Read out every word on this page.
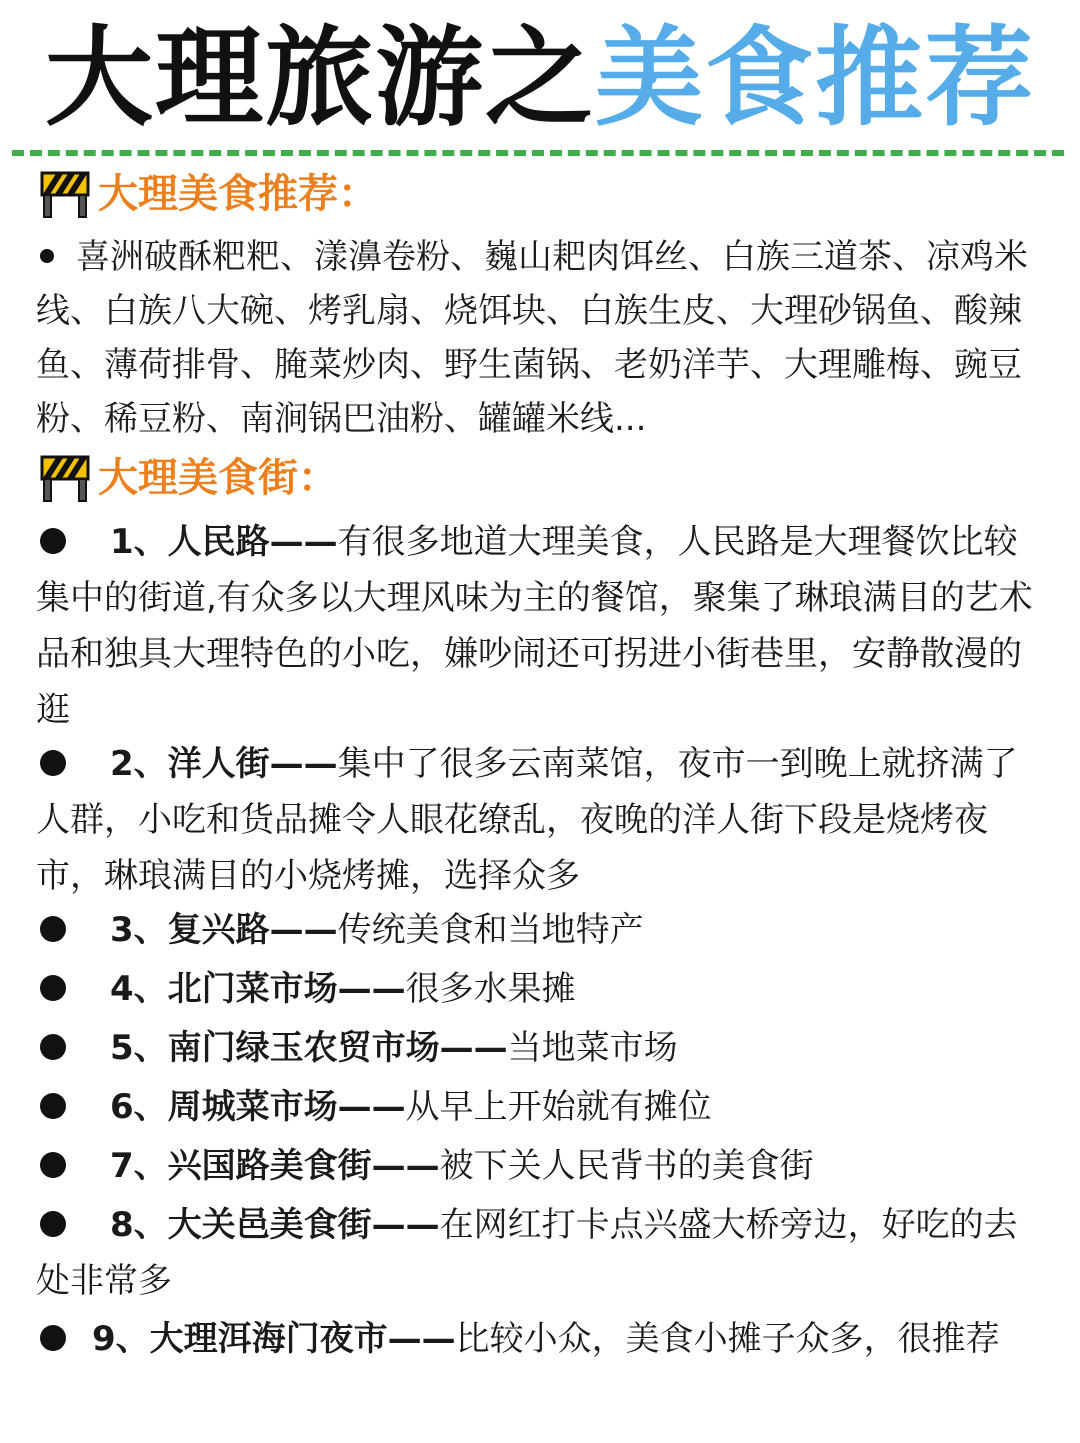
大理旅游之美食推荐
大理美食推荐：
喜洲破酥粑粑、漾濞卷粉、巍山耙肉饵丝、白族三道茶、凉鸡米线、白族八大碗、烤乳扇、烧饵块、白族生皮、大理砂锅鱼、酸辣鱼、薄荷排骨、腌菜炒肉、野生菌锅、老奶洋芋、大理雕梅、豌豆粉、稀豆粉、南涧锅巴油粉、罐罐米线...
大理美食街：
1、人民路——有很多地道大理美食，人民路是大理餐饮比较集中的街道,有众多以大理风味为主的餐馆，聚集了琳琅满目的艺术品和独具大理特色的小吃，嫌吵闹还可拐进小街巷里，安静散漫的逛
2、洋人街——集中了很多云南菜馆，夜市一到晚上就挤满了人群，小吃和货品摊令人眼花缭乱，夜晚的洋人街下段是烧烤夜市，琳琅满目的小烧烤摊，选择众多
3、复兴路——传统美食和当地特产
4、北门菜市场——很多水果摊
5、南门绿玉农贸市场——当地菜市场
6、周城菜市场——从早上开始就有摊位
7、兴国路美食街——被下关人民背书的美食街
8、大关邑美食街——在网红打卡点兴盛大桥旁边，好吃的去处非常多
9、大理洱海门夜市——比较小众，美食小摊子众多，很推荐
